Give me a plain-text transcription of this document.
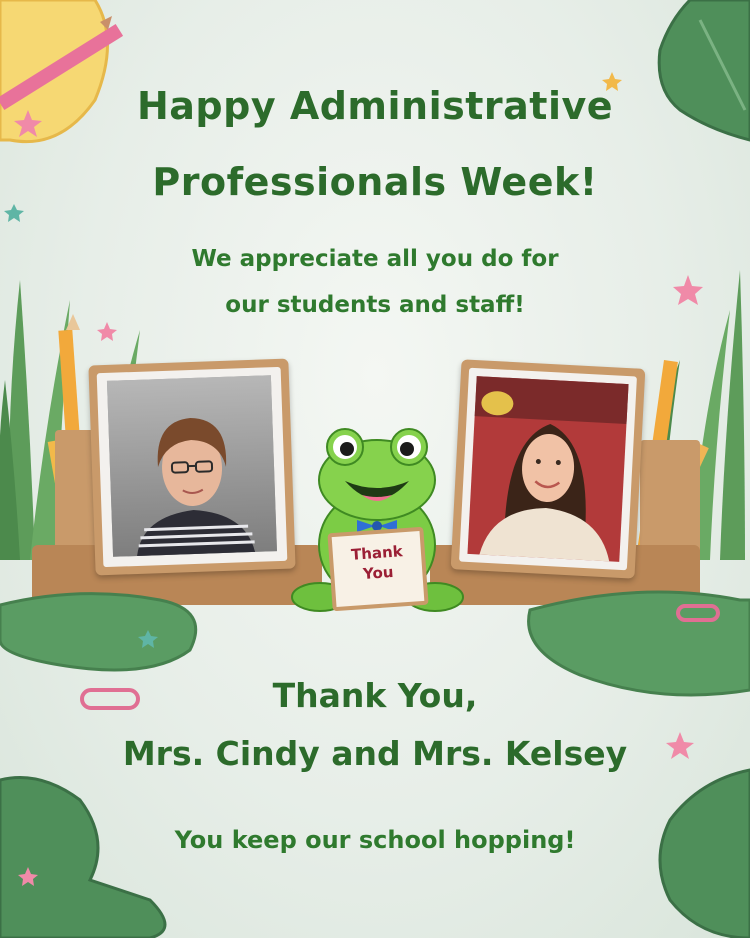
Happy Administrative
Professionals Week!
We appreciate all you do for
our students and staff!
Thank
You
Thank You,
Mrs. Cindy and Mrs. Kelsey
You keep our school hopping!
